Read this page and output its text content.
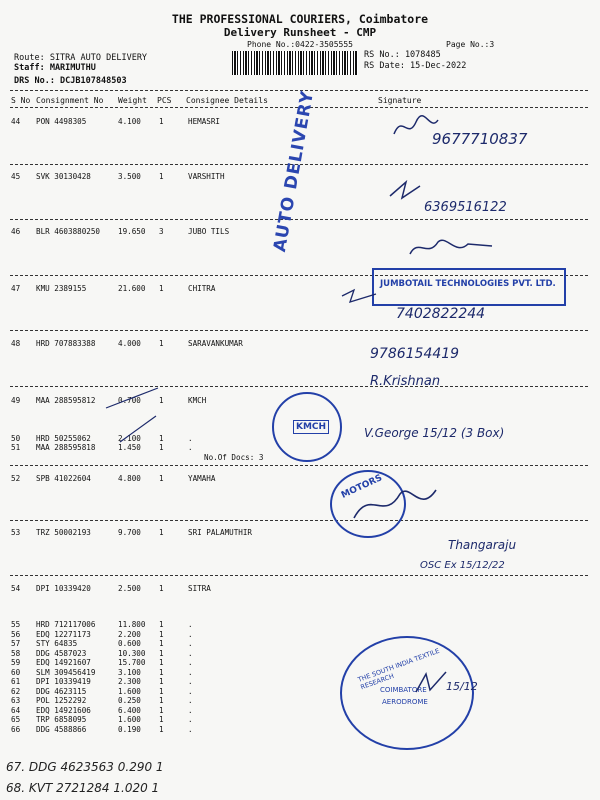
THE PROFESSIONAL COURIERS, Coimbatore
Delivery Runsheet - CMP
Phone No.:0422-3505555	Page No.:3
Route: SITRA AUTO DELIVERY
Staff: MARIMUTHU
DRS No.: DCJB107848503
RS No.: 1078485
RS Date: 15-Dec-2022
S No Consignment No Weight PCS Consignee Details	Signature
44 PON 4498305	4.100 1	HEMASRI
45 SVK 30130428	3.500 1	VARSHITH
46 BLR 4603880250 19.650 3	JUBO TILS
47 KMU 2389155	21.600 1	CHITRA
48 HRD 707883388	4.000 1	SARAVANKUMAR
49 MAA 288595812	0.700 1	KMCH
50 HRD 50255062	2.100 1	.
51 MAA 288595818	1.450 1	.
52 SPB 41022604	4.800 1	YAMAHA
53 TRZ 50002193	9.700 1	SRI PALAMUTHIR
54 DPI 10339420	2.500 1	SITRA
55 HRD 712117006	11.800 1	.
56 EDQ 12271173	2.200 1	.
57 STY 64835	0.600 1	.
58 DDG 4587023	10.300 1	.
59 EDQ 14921607	15.700 1	.
60 SLM 309456419	3.100 1	.
61 DPI 10339419	2.300 1	.
62 DDG 4623115	1.600 1	.
63 POL 1252292	0.250 1	.
64 EDQ 14921606	6.400 1	.
65 TRP 6858095	1.600 1	.
66 DDG 4588866	0.190 1	.
No.Of Docs: 3
AUTO DELIVERY
JUMBOTAIL TECHNOLOGIES PVT. LTD.
KMCH
MOTORS
THE SOUTH INDIA TEXTILE RESEARCH
COIMBATORE
AERODROME
9677710837
6369516122
7402822244
9786154419
R.Krishnan
V.George 15/12 (3 Box)
Thangaraju
OSC Ex 15/12/22
15/12
67. DDG 4623563 0.290 1
68. KVT 2721284 1.020 1
